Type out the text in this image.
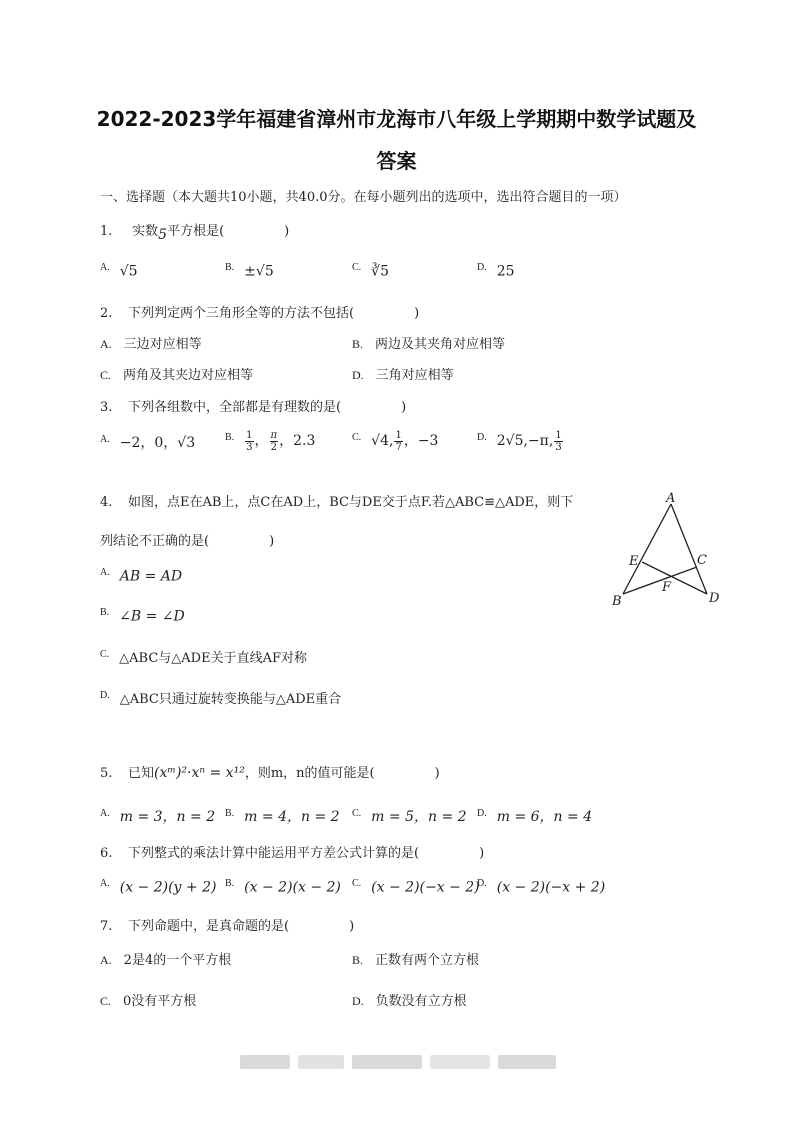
2022-2023学年福建省漳州市龙海市八年级上学期期中数学试题及
答案
一、选择题（本大题共10小题，共40.0分。在每小题列出的选项中，选出符合题目的一项）
1. 实数5平方根是(	)
$^{A.}$ √5	$^{B.}$ ±√5	$^{C.}$ ∛5	$^{D.}$ 25
2. 下列判定两个三角形全等的方法不包括(	)
A. 三边对应相等	B. 两边及其夹角对应相等
C. 两角及其夹边对应相等	D. 三角对应相等
3. 下列各组数中，全部都是有理数的是(	)
$^{A.}$ −2，0，√3	$^{B.} \frac{1}{3}$ ， $\frac{\pi}{2}$ ，2.3	$^{C.}$ √4, $\frac{1}{7}$ ，−3	$^{D.}$ 2√5,−π, $\frac{1}{3}$
4. 如图，点E在AB上，点C在AD上，BC与DE交于点F.若△ABC≌△ADE，则下
列结论不正确的是(	)
$^{A.}$ AB = AD
$^{B.}$ ∠B = ∠D
$^{C.}$ △ABC与△ADE关于直线AF对称
$^{D.}$ △ABC只通过旋转变换能与△ADE重合
A
E	C
F
B	D
5. 已知(xᵐ)²·xⁿ = x¹²，则m，n的值可能是(	)
$^{A.}$ m = 3，n = 2 $^{B.}$ m = 4，n = 2 $^{C.}$ m = 5，n = 2 $^{D.}$ m = 6，n = 4
6. 下列整式的乘法计算中能运用平方差公式计算的是(	)
$^{A.}$ (x − 2)(y + 2) $^{B.}$ (x − 2)(x − 2) $^{C.}$ (x − 2)(−x − 2)
$^{D.}$ (x − 2)(−x + 2)
7. 下列命题中，是真命题的是(	)
A. 2是4的一个平方根	B. 正数有两个立方根
C. 0没有平方根	D. 负数没有立方根
